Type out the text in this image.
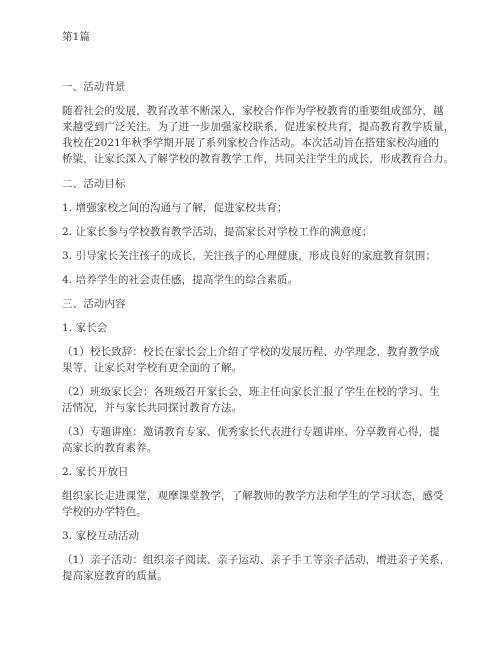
第1篇
一、活动背景
随着社会的发展，教育改革不断深入，家校合作作为学校教育的重要组成部分，越
来越受到广泛关注。为了进一步加强家校联系，促进家校共育，提高教育教学质量，
我校在2021年秋季学期开展了系列家校合作活动。本次活动旨在搭建家校沟通的
桥梁，让家长深入了解学校的教育教学工作，共同关注学生的成长，形成教育合力。
二、活动目标
1. 增强家校之间的沟通与了解，促进家校共育；
2. 让家长参与学校教育教学活动，提高家长对学校工作的满意度；
3. 引导家长关注孩子的成长，关注孩子的心理健康，形成良好的家庭教育氛围；
4. 培养学生的社会责任感，提高学生的综合素质。
三、活动内容
1. 家长会
（1）校长致辞：校长在家长会上介绍了学校的发展历程、办学理念、教育教学成
果等，让家长对学校有更全面的了解。
（2）班级家长会：各班级召开家长会，班主任向家长汇报了学生在校的学习、生
活情况，并与家长共同探讨教育方法。
（3）专题讲座：邀请教育专家、优秀家长代表进行专题讲座，分享教育心得，提
高家长的教育素养。
2. 家长开放日
组织家长走进课堂，观摩课堂教学，了解教师的教学方法和学生的学习状态，感受
学校的办学特色。
3. 家校互动活动
（1）亲子活动：组织亲子阅读、亲子运动、亲子手工等亲子活动，增进亲子关系，
提高家庭教育的质量。
